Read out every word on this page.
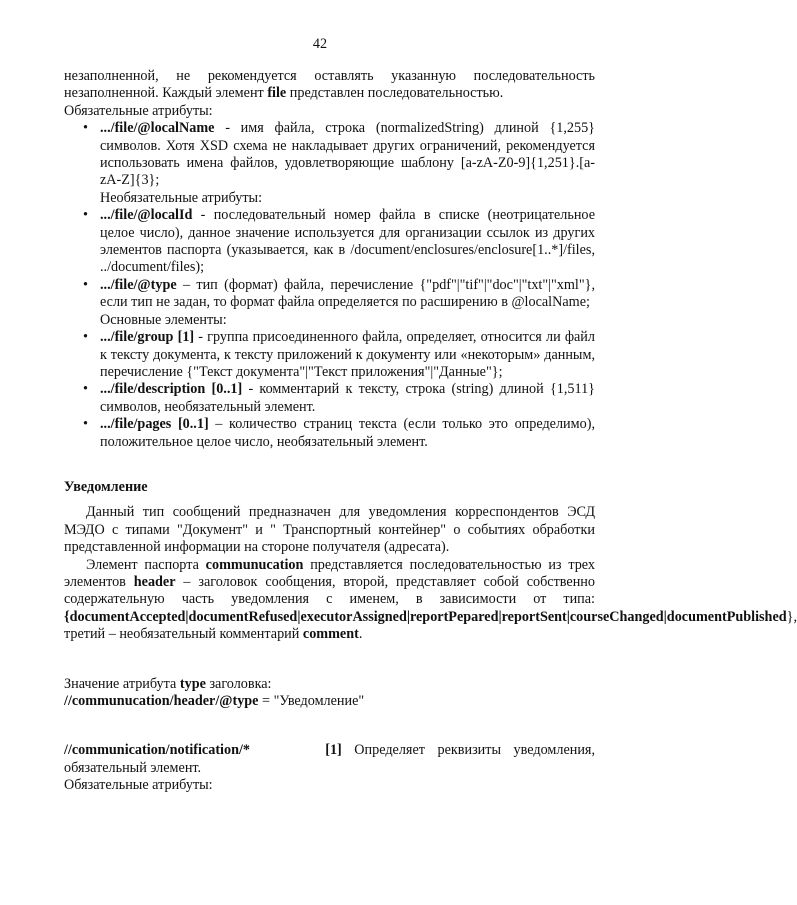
42

незаполненной, не рекомендуется оставлять указанную последовательность незаполненной. Каждый элемент file представлен последовательностью.

Обязательные атрибуты:

• .../file/@localName - имя файла, строка (normalizedString) длиной {1,255} символов. Хотя XSD схема не накладывает других ограничений, рекомендуется использовать имена файлов, удовлетворяющие шаблону [a-zA-Z0-9]{1,251}.[a-zA-Z]{3};

Необязательные атрибуты:

• .../file/@localId - последовательный номер файла в списке (неотрицательное целое число), данное значение используется для организации ссылок из других элементов паспорта (указывается, как в /document/enclosures/enclosure[1..*]/files, ../document/files);
• .../file/@type – тип (формат) файла, перечисление {"pdf"|"tif"|"doc"|"txt"|"xml"}, если тип не задан, то формат файла определяется по расширению в @localName;

Основные элементы:

• .../file/group [1] - группа присоединенного файла, определяет, относится ли файл к тексту документа, к тексту приложений к документу или «некоторым» данным, перечисление {"Текст документа"|"Текст приложения"|"Данные"};
• .../file/description [0..1] - комментарий к тексту, строка (string) длиной {1,511} символов, необязательный элемент.
• .../file/pages [0..1] – количество страниц текста (если только это определимо), положительное целое число, необязательный элемент.

Уведомление

Данный тип сообщений предназначен для уведомления корреспондентов ЭСД МЭДО с типами "Документ" и " Транспортный контейнер" о событиях обработки представленной информации на стороне получателя (адресата).

Элемент паспорта communucation представляется последовательностью из трех элементов header – заголовок сообщения, второй, представляет собой собственно содержательную часть уведомления с именем, в зависимости от типа: {documentAccepted|documentRefused|executorAssigned|reportPepared|reportSent|courseChanged|documentPublished}, третий – необязательный комментарий comment.

Значение атрибута type заголовка:

//communucation/header/@type = "Уведомление"

//communication/notification/*	[1] Определяет реквизиты уведомления, обязательный элемент.

Обязательные атрибуты:
